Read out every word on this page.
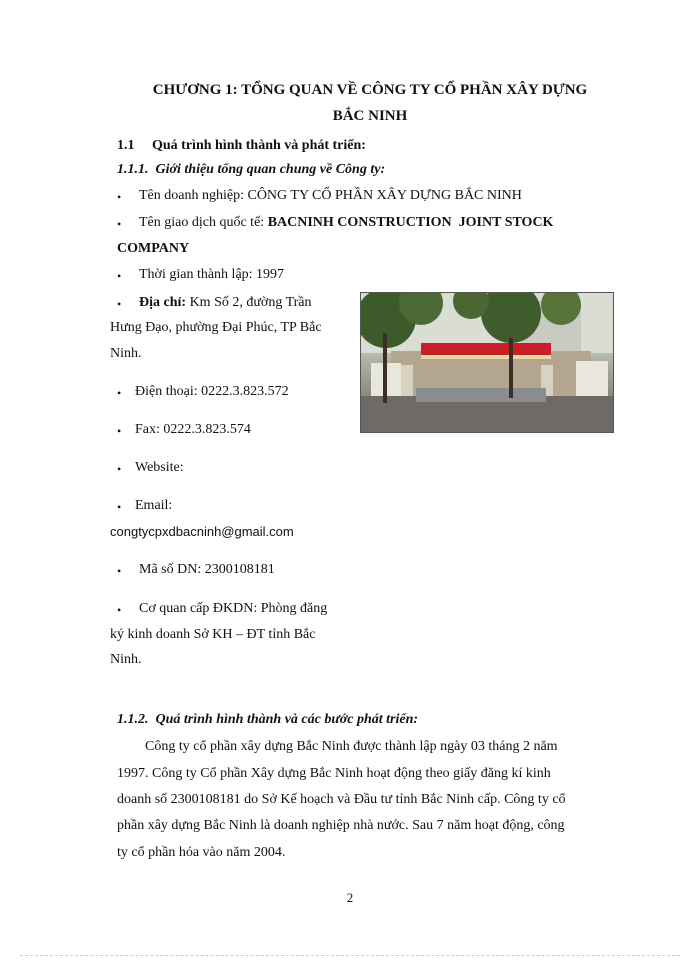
CHƯƠNG 1: TỔNG QUAN VỀ CÔNG TY CỔ PHẦN XÂY DỰNG
BẮC NINH
1.1     Quá trình hình thành và phát triển:
1.1.1.  Giới thiệu tổng quan chung về Công ty:
• Tên doanh nghiệp: CÔNG TY CỔ PHẦN XÂY DỰNG BẮC NINH
• Tên giao dịch quốc tế: BACNINH CONSTRUCTION  JOINT STOCK
COMPANY
• Thời gian thành lập: 1997
• Địa chỉ: Km Số 2, đường Trần
Hưng Đạo, phường Đại Phúc, TP Bắc
Ninh.
• Điện thoại: 0222.3.823.572
• Fax: 0222.3.823.574
• Website:
• Email:
congtycpxdbacninh@gmail.com
• Mã số DN: 2300108181
• Cơ quan cấp ĐKDN: Phòng đăng
ký kinh doanh Sở KH – ĐT tỉnh Bắc
Ninh.
1.1.2.  Quá trình hình thành và các bước phát triển:
Công ty cổ phần xây dựng Bắc Ninh được thành lập ngày 03 tháng 2 năm
1997. Công ty Cổ phần Xây dựng Bắc Ninh hoạt động theo giấy đăng kí kinh
doanh số 2300108181 do Sở Kế hoạch và Đầu tư tỉnh Bắc Ninh cấp. Công ty cổ
phần xây dựng Bắc Ninh là doanh nghiệp nhà nước. Sau 7 năm hoạt động, công
ty cổ phần hóa vào năm 2004.
2
